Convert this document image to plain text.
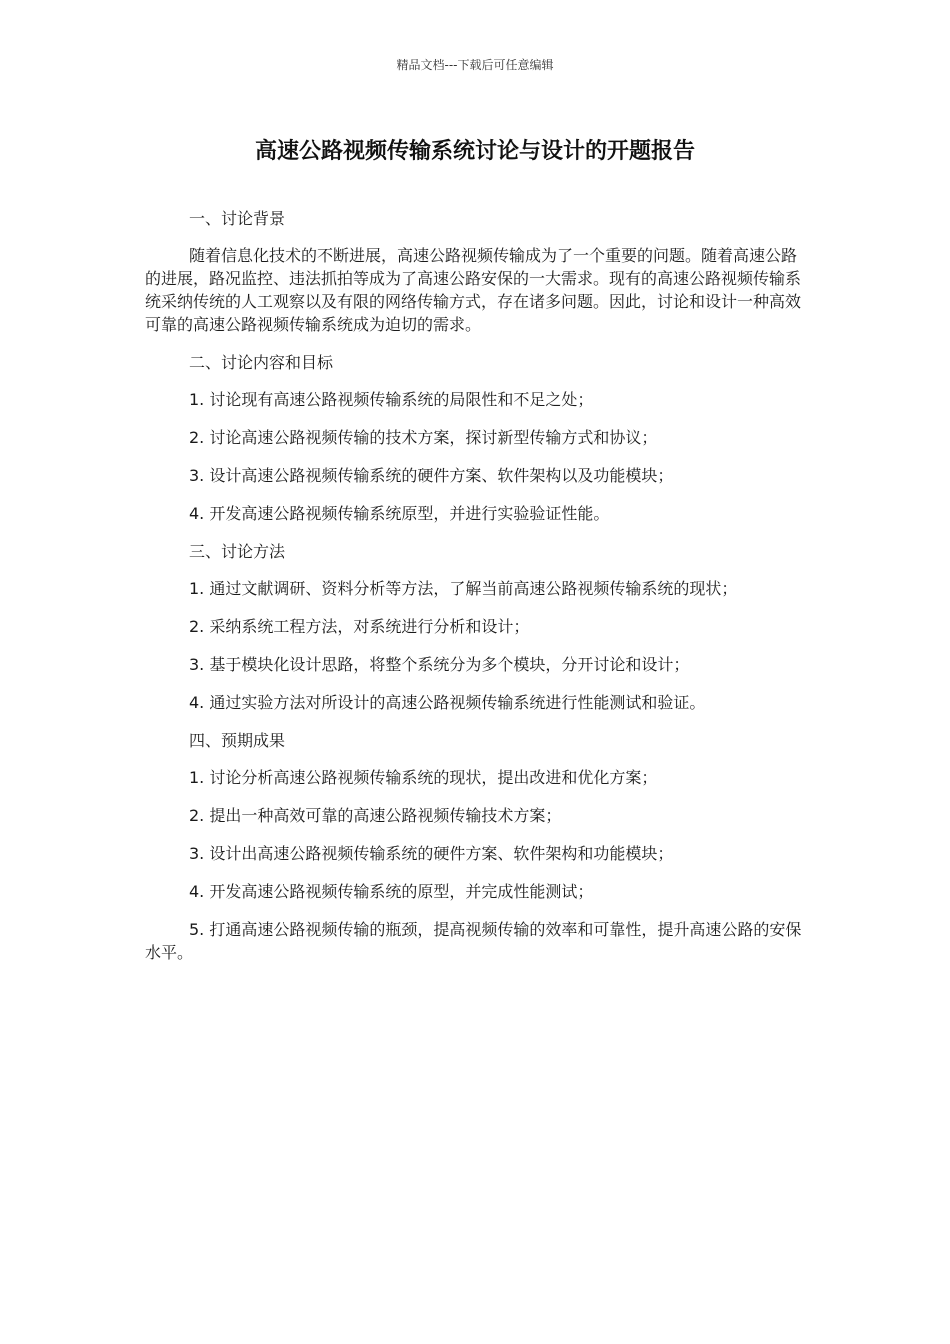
精品文档---下载后可任意编辑
高速公路视频传输系统讨论与设计的开题报告

一、讨论背景

随着信息化技术的不断进展，高速公路视频传输成为了一个重要的问题。随着高速公路的进展，路况监控、违法抓拍等成为了高速公路安保的一大需求。现有的高速公路视频传输系统采纳传统的人工观察以及有限的网络传输方式，存在诸多问题。因此，讨论和设计一种高效可靠的高速公路视频传输系统成为迫切的需求。

二、讨论内容和目标

1. 讨论现有高速公路视频传输系统的局限性和不足之处；

2. 讨论高速公路视频传输的技术方案，探讨新型传输方式和协议；

3. 设计高速公路视频传输系统的硬件方案、软件架构以及功能模块；

4. 开发高速公路视频传输系统原型，并进行实验验证性能。

三、讨论方法

1. 通过文献调研、资料分析等方法，了解当前高速公路视频传输系统的现状；

2. 采纳系统工程方法，对系统进行分析和设计；

3. 基于模块化设计思路，将整个系统分为多个模块，分开讨论和设计；

4. 通过实验方法对所设计的高速公路视频传输系统进行性能测试和验证。

四、预期成果

1. 讨论分析高速公路视频传输系统的现状，提出改进和优化方案；

2. 提出一种高效可靠的高速公路视频传输技术方案；

3. 设计出高速公路视频传输系统的硬件方案、软件架构和功能模块；

4. 开发高速公路视频传输系统的原型，并完成性能测试；

5. 打通高速公路视频传输的瓶颈，提高视频传输的效率和可靠性，提升高速公路的安保水平。
